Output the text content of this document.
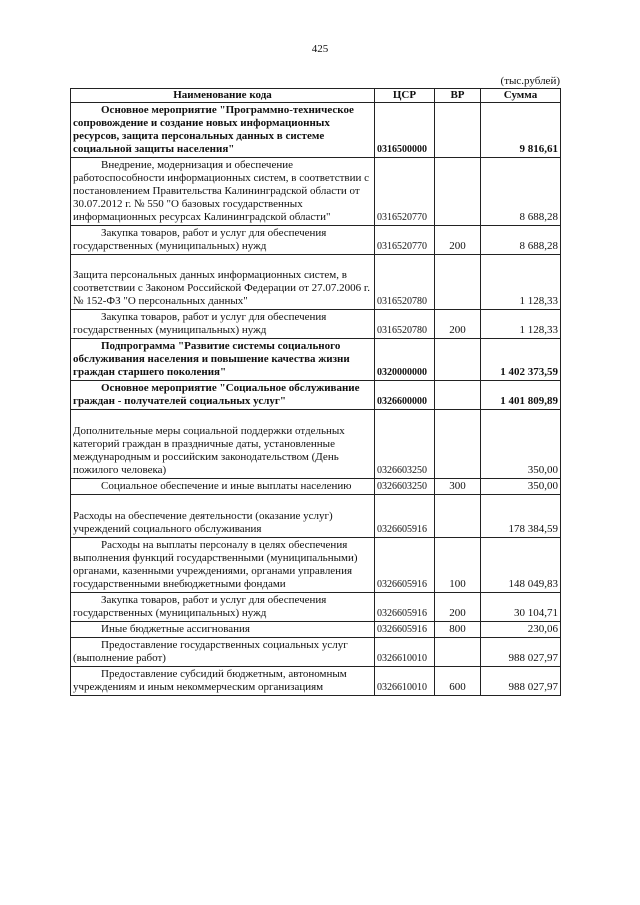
425
(тыс.рублей)
Наименование кода	ЦСР	ВР	Сумма
Основное мероприятие "Программно-техническое сопровождение и создание новых информационных ресурсов, защита персональных данных в системе социальной защиты населения"	0316500000		9 816,61
Внедрение, модернизация и обеспечение работоспособности информационных систем, в соответствии с постановлением Правительства Калининградской области от 30.07.2012 г. № 550 "О базовых государственных информационных ресурсах Калининградской области"	0316520770		8 688,28
Закупка товаров, работ и услуг для обеспечения государственных (муниципальных) нужд	0316520770	200	8 688,28

Защита персональных данных информационных систем, в соответствии с Законом Российской Федерации от 27.07.2006 г. № 152-ФЗ "О персональных данных"	0316520780		1 128,33
Закупка товаров, работ и услуг для обеспечения государственных (муниципальных) нужд	0316520780	200	1 128,33
Подпрограмма "Развитие системы социального обслуживания населения и повышение качества жизни граждан старшего поколения"	0320000000		1 402 373,59
Основное мероприятие "Социальное обслуживание граждан - получателей социальных услуг"	0326600000		1 401 809,89

Дополнительные меры социальной поддержки отдельных категорий граждан в праздничные даты, установленные международным и российским законодательством (День пожилого человека)	0326603250		350,00
Социальное обеспечение и иные выплаты населению	0326603250	300	350,00

Расходы на обеспечение деятельности (оказание услуг) учреждений социального обслуживания	0326605916		178 384,59
Расходы на выплаты персоналу в целях обеспечения выполнения функций государственными (муниципальными) органами, казенными учреждениями, органами управления государственными внебюджетными фондами	0326605916	100	148 049,83
Закупка товаров, работ и услуг для обеспечения государственных (муниципальных) нужд	0326605916	200	30 104,71
Иные бюджетные ассигнования	0326605916	800	230,06
Предоставление государственных социальных услуг (выполнение работ)	0326610010		988 027,97
Предоставление субсидий бюджетным, автономным учреждениям и иным некоммерческим организациям	0326610010	600	988 027,97
